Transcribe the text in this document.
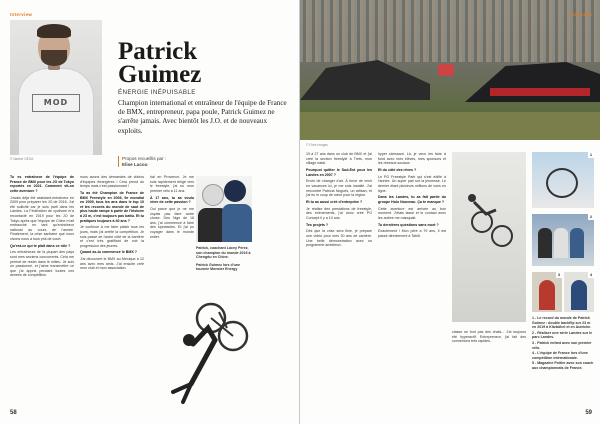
Interview
MOD
© Nadine GEGA
Patrick
Guimez
ÉNERGIE INÉPUISABLE
Champion international et entraîneur de l'équipe de France de BMX, entrepreneur, papa poule, Patrick Guimez ne s'arrête jamais. Avec bientôt les J.O. et de nouveaux exploits.
Propos recueillis par :
Elise Lacou

Tu es entraîneur de l'équipe de France de BMX pour les JO de Tokyo reportés en 2021. Comment vit-on cette aventure ?

J'avais déjà été assistant-entraîneur en 2009 pour préparer les JO de 2016. J'ai été sollicité car je suis parti dans les Landes. La Fédération de cyclisme m'a recontacté en 2019 pour les JO de Tokyo après que l'équipe de Chine m'ait embauché en tant qu'entraîneur national au cours de l'année. Finalement, la crise sanitaire que nous vivons nous a tous pris de court.

Qu'est-ce qui te plaît dans ce rôle ?

Les entraîneurs de la plupart des pays sont mes anciens concurrents. Cela me permet de rester dans le milieu. Je suis un passionné, et j'aime transmettre ce que j'ai appris pendant toutes ces années de compétition.

nous avons des demandes de vidéos d'équipes étrangères ! Cela prend du temps mais c'est passionnant !

Tu as été Champion de France de BMX Freestyle en 2009, 9e mondial en 2009, tous les ans dans le top 10 et tes records du monde de saut de plus haute rampe à partir de l'histoire à 23 m, c'est toujours pas battu. Et tu pratiques toujours à 40 ans ?

Je continue à me faire plaisir tous les jours, mais j'ai arrêté la compétition. Je suis passé de l'autre côté de la barrière et c'est très gratifiant de voir la progression des jeunes.

Quand as-tu commencé le BMX ?

J'ai découvert le BMX au Mexique à 12 ans avec mes amis. J'ai ensuite créé mon club et mon association.

rial en Provence. Je me suis rapidement dirigé vers le freestyle, j'ai eu mon premier vélo à 11 ans.

À 17 ans, tu as voulu vivre de cette passion ?

Oui parce que je ne me voyais pas faire autre chose. Des l'âge de 18 ans, j'ai commencé à faire des spectacles. Et j'ai pu voyager dans le monde entier.

Patrick, coachant Lacey Pérez, son champion du monde 2019 à Chengdu en Chine.
Patrick Guimez lors d'une tournée Monster Energy
58
Interview
© Flore Images

19 à 27 ans dans un club de BMX et j'ai créé la section freestyle à Trets, mon village natal.

Pourquoi quitter le Sud-Est pour les Landes en 2007 ?

Envie de changer d'air. À force de venir en vacances ici, je me suis installé. J'ai rencontré Patricia Noguès, un artisan, et j'ai eu le coup de cœur pour la région.

Et tu as aussi créé d'entreprise ?

Je réalise des prestations de freestyle, des événements, j'ai donc créé PG Concept il y a 10 ans.

Tes projets ?

Dès que la crise sera finie, je prépare une vidéo pour mes 30 ans de carrière. Une belle démonstration avec un programme ambitieux.

hyper stressant. Là, je veux les faire à fond avec mes élèves, mes sponsors et les réseaux sociaux.

Et du côté des rêves ?

Le PG Freestyle Park qui s'est édifié à l'année. Un super pari sur la jeunesse. Le dernier étant plusieurs millions de vues en ligne.

Dans les Landes, tu as fait partie du groupe Holo Nouveau. Ça te manque ?

Cette aventure est arrivée au bon moment. J'étais lassé et le contact avec les autres me manquait.

Tu dernières questions sans mort ?

Exactement ! Mon père a 79 ans, il est passé directement à Tahiti.

classe ne font pas des chats... J'ai toujours été hyperactif. Entrepreneur, j'ai fait des connexions très rapides.

1
2
3	4
1 - Le record du monde de Patrick Guimez : double backflip sur 23 m en 2019 à Kitzbühel et en Autriche.
2 - Réaliser une série Landes sur le parc Landes.
3 - Patrick enfant avec son premier vélo.
4 - L'équipe de France lors d'une compétition internationale.
5 - Magazine Poitier avec son coach aux championnats de France.
59
